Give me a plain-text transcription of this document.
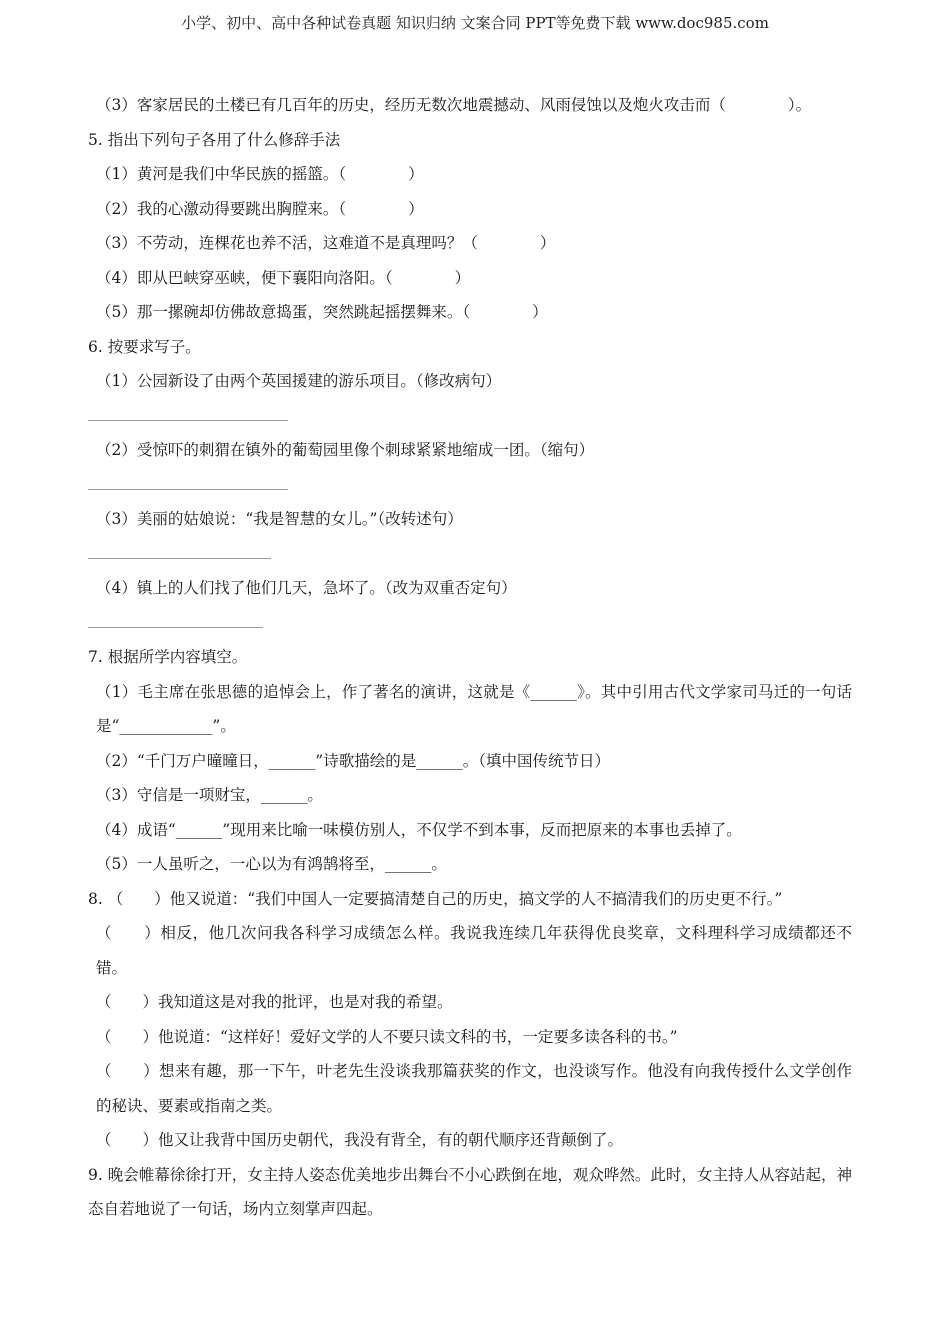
小学、初中、高中各种试卷真题 知识归纳 文案合同 PPT等免费下载 www.doc985.com
（3）客家居民的土楼已有几百年的历史，经历无数次地震撼动、风雨侵蚀以及炮火攻击而（　　　　）。
5. 指出下列句子各用了什么修辞手法
（1）黄河是我们中华民族的摇篮。（　　　　）
（2）我的心激动得要跳出胸膛来。（　　　　）
（3）不劳动，连棵花也养不活，这难道不是真理吗？（　　　　）
（4）即从巴峡穿巫峡，便下襄阳向洛阳。（　　　　）
（5）那一摞碗却仿佛故意捣蛋，突然跳起摇摆舞来。（　　　　）
6. 按要求写子。
（1）公园新设了由两个英国援建的游乐项目。（修改病句）
（2）受惊吓的刺猬在镇外的葡萄园里像个刺球紧紧地缩成一团。（缩句）
（3）美丽的姑娘说：“我是智慧的女儿。”（改转述句）
（4）镇上的人们找了他们几天，急坏了。（改为双重否定句）
7. 根据所学内容填空。
（1）毛主席在张思德的追悼会上，作了著名的演讲，这就是《______》。其中引用古代文学家司马迁的一句话是“____________”。
（2）“千门万户曈曈日，______”诗歌描绘的是______。（填中国传统节日）
（3）守信是一项财宝，______。
（4）成语“______”现用来比喻一味模仿别人，不仅学不到本事，反而把原来的本事也丢掉了。
（5）一人虽听之，一心以为有鸿鹄将至，______。
8. （　　）他又说道：“我们中国人一定要搞清楚自己的历史，搞文学的人不搞清我们的历史更不行。”
（　　）相反，他几次问我各科学习成绩怎么样。我说我连续几年获得优良奖章，文科理科学习成绩都还不错。
（　　）我知道这是对我的批评，也是对我的希望。
（　　）他说道：“这样好！爱好文学的人不要只读文科的书，一定要多读各科的书。”
（　　）想来有趣，那一下午，叶老先生没谈我那篇获奖的作文，也没谈写作。他没有向我传授什么文学创作的秘诀、要素或指南之类。
（　　）他又让我背中国历史朝代，我没有背全，有的朝代顺序还背颠倒了。
9. 晚会帷幕徐徐打开，女主持人姿态优美地步出舞台不小心跌倒在地，观众哗然。此时，女主持人从容站起，神态自若地说了一句话，场内立刻掌声四起。
